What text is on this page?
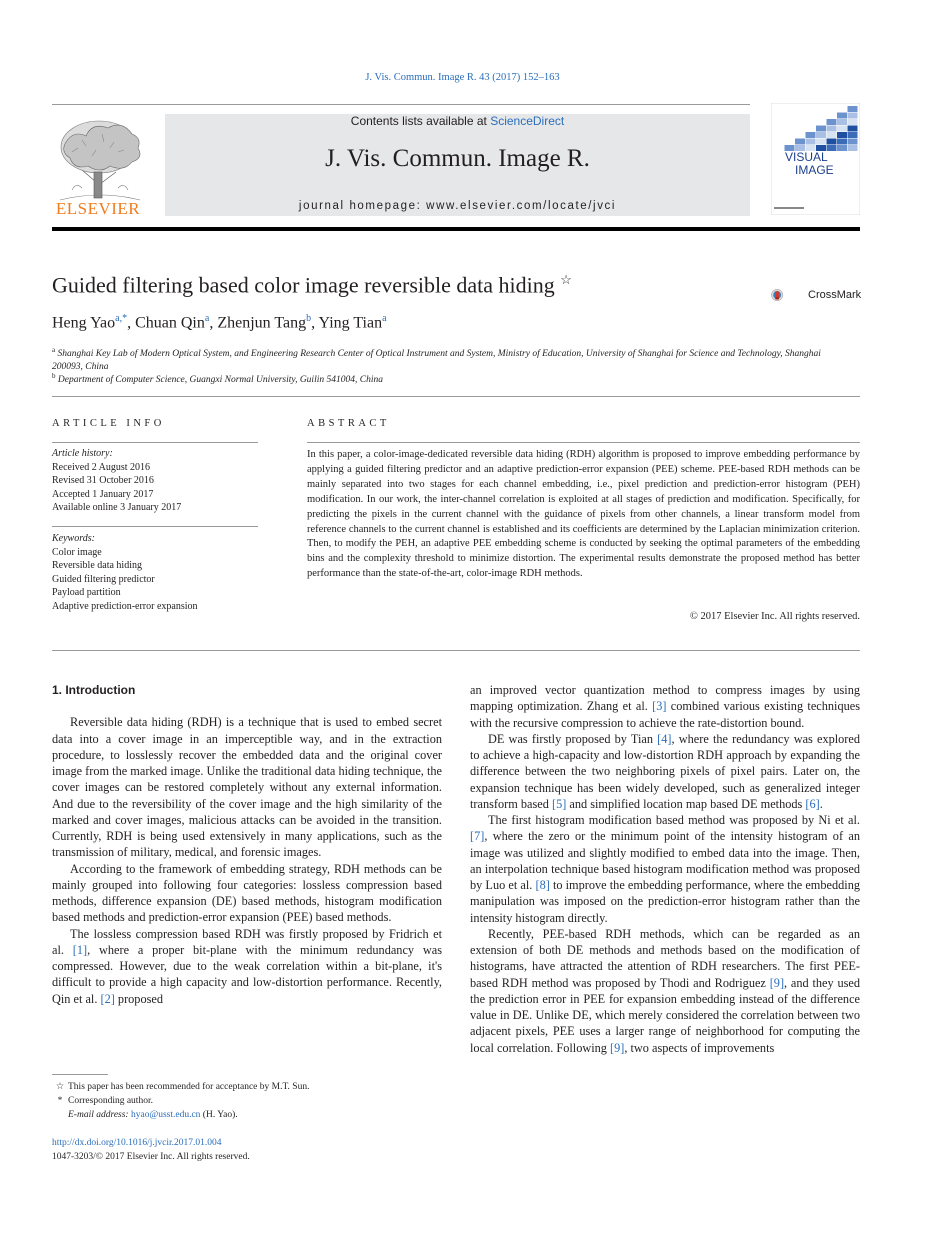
J. Vis. Commun. Image R. 43 (2017) 152–163
ELSEVIER
Contents lists available at ScienceDirect
J. Vis. Commun. Image R.
journal homepage: www.elsevier.com/locate/jvci
VISUAL
IMAGE
Guided filtering based color image reversible data hiding ☆
CrossMark
Heng Yao$^{a,*}$, Chuan Qin$^a$, Zhenjun Tang$^b$, Ying Tian$^a$
$^a$ Shanghai Key Lab of Modern Optical System, and Engineering Research Center of Optical Instrument and System, Ministry of Education, University of Shanghai for Science and Technology, Shanghai 200093, China
$^b$ Department of Computer Science, Guangxi Normal University, Guilin 541004, China
ARTICLE INFO
Article history:
Received 2 August 2016
Revised 31 October 2016
Accepted 1 January 2017
Available online 3 January 2017
Keywords:
Color image
Reversible data hiding
Guided filtering predictor
Payload partition
Adaptive prediction-error expansion
ABSTRACT
In this paper, a color-image-dedicated reversible data hiding (RDH) algorithm is proposed to improve embedding performance by applying a guided filtering predictor and an adaptive prediction-error expansion (PEE) scheme. PEE-based RDH methods can be mainly separated into two stages for each channel embedding, i.e., pixel prediction and prediction-error histogram (PEH) modification. In our work, the inter-channel correlation is exploited at all stages of prediction and modification. Specifically, for predicting the pixels in the current channel with the guidance of pixels from other channels, a linear transform model from reference channels to the current channel is established and its coefficients are determined by the Laplacian minimization criterion. Then, to modify the PEH, an adaptive PEE embedding scheme is conducted by seeking the optimal parameters of the embedding bins and the complexity threshold to minimize distortion. The experimental results demonstrate the proposed method has better performance than the state-of-the-art, color-image RDH methods.
© 2017 Elsevier Inc. All rights reserved.
1. Introduction

Reversible data hiding (RDH) is a technique that is used to embed secret data into a cover image in an imperceptible way, and in the extraction procedure, to losslessly recover the embedded data and the original cover image from the marked image. Unlike the traditional data hiding technique, the cover images can be restored completely without any external information. And due to the reversibility of the cover image and the high similarity of the marked and cover images, malicious attacks can be avoided in the transition. Currently, RDH is being used extensively in many applications, such as the transmission of military, medical, and forensic images.

According to the framework of embedding strategy, RDH methods can be mainly grouped into following four categories: lossless compression based methods, difference expansion (DE) based methods, histogram modification based methods and prediction-error expansion (PEE) based methods.

The lossless compression based RDH was firstly proposed by Fridrich et al. [1], where a proper bit-plane with the minimum redundancy was compressed. However, due to the weak correlation within a bit-plane, it's difficult to provide a high capacity and low-distortion performance. Recently, Qin et al. [2] proposed

an improved vector quantization method to compress images by using mapping optimization. Zhang et al. [3] combined various existing techniques with the recursive compression to achieve the rate-distortion bound.

DE was firstly proposed by Tian [4], where the redundancy was explored to achieve a high-capacity and low-distortion RDH approach by expanding the difference between the two neighboring pixels of pixel pairs. Later on, the expansion technique has been widely developed, such as generalized integer transform based [5] and simplified location map based DE methods [6].

The first histogram modification based method was proposed by Ni et al. [7], where the zero or the minimum point of the intensity histogram of an image was utilized and slightly modified to embed data into the image. Then, an interpolation technique based histogram modification method was proposed by Luo et al. [8] to improve the embedding performance, where the embedding manipulation was imposed on the prediction-error histogram rather than the intensity histogram directly.

Recently, PEE-based RDH methods, which can be regarded as an extension of both DE methods and methods based on the modification of histograms, have attracted the attention of RDH researchers. The first PEE-based RDH method was proposed by Thodi and Rodriguez [9], and they used the prediction error in PEE for expansion embedding instead of the difference value in DE. Unlike DE, which merely considered the correlation between two adjacent pixels, PEE uses a larger range of neighborhood for computing the local correlation. Following [9], two aspects of improvements

☆ This paper has been recommended for acceptance by M.T. Sun.
* Corresponding author.
E-mail address: hyao@usst.edu.cn (H. Yao).
http://dx.doi.org/10.1016/j.jvcir.2017.01.004
1047-3203/© 2017 Elsevier Inc. All rights reserved.
